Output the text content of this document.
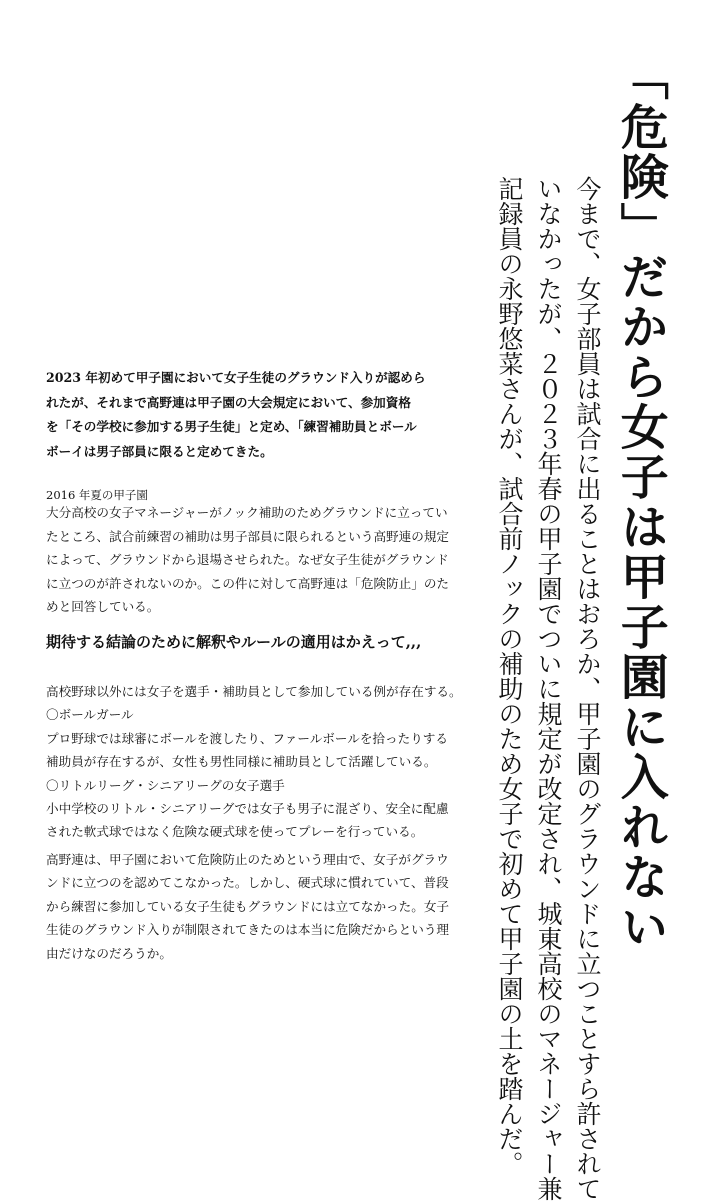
「危険」だから女子は甲子園に入れない
今まで、女子部員は試合に出ることはおろか、甲子園のグラウンドに立つことすら許されて
いなかったが、２０２３年春の甲子園でついに規定が改定され、城東高校のマネージャー兼
記録員の永野悠菜さんが、試合前ノックの補助のため女子で初めて甲子園の土を踏んだ。

2023 年初めて甲子園において女子生徒のグラウンド入りが認めら
れたが、それまで高野連は甲子園の大会規定において、参加資格
を「その学校に参加する男子生徒」と定め、「練習補助員とボール
ボーイは男子部員に限ると定めてきた。

2016 年夏の甲子園

大分高校の女子マネージャーがノック補助のためグラウンドに立ってい
たところ、試合前練習の補助は男子部員に限られるという高野連の規定
によって、グラウンドから退場させられた。なぜ女子生徒がグラウンド
に立つのが許されないのか。この件に対して高野連は「危険防止」のた
めと回答している。

期待する結論のために解釈やルールの適用はかえって,,,

高校野球以外には女子を選手・補助員として参加している例が存在する。
〇ボールガール
プロ野球では球審にボールを渡したり、ファールボールを拾ったりする
補助員が存在するが、女性も男性同様に補助員として活躍している。
〇リトルリーグ・シニアリーグの女子選手
小中学校のリトル・シニアリーグでは女子も男子に混ざり、安全に配慮
された軟式球ではなく危険な硬式球を使ってプレーを行っている。

高野連は、甲子園において危険防止のためという理由で、女子がグラウ
ンドに立つのを認めてこなかった。しかし、硬式球に慣れていて、普段
から練習に参加している女子生徒もグラウンドには立てなかった。女子
生徒のグラウンド入りが制限されてきたのは本当に危険だからという理
由だけなのだろうか。
